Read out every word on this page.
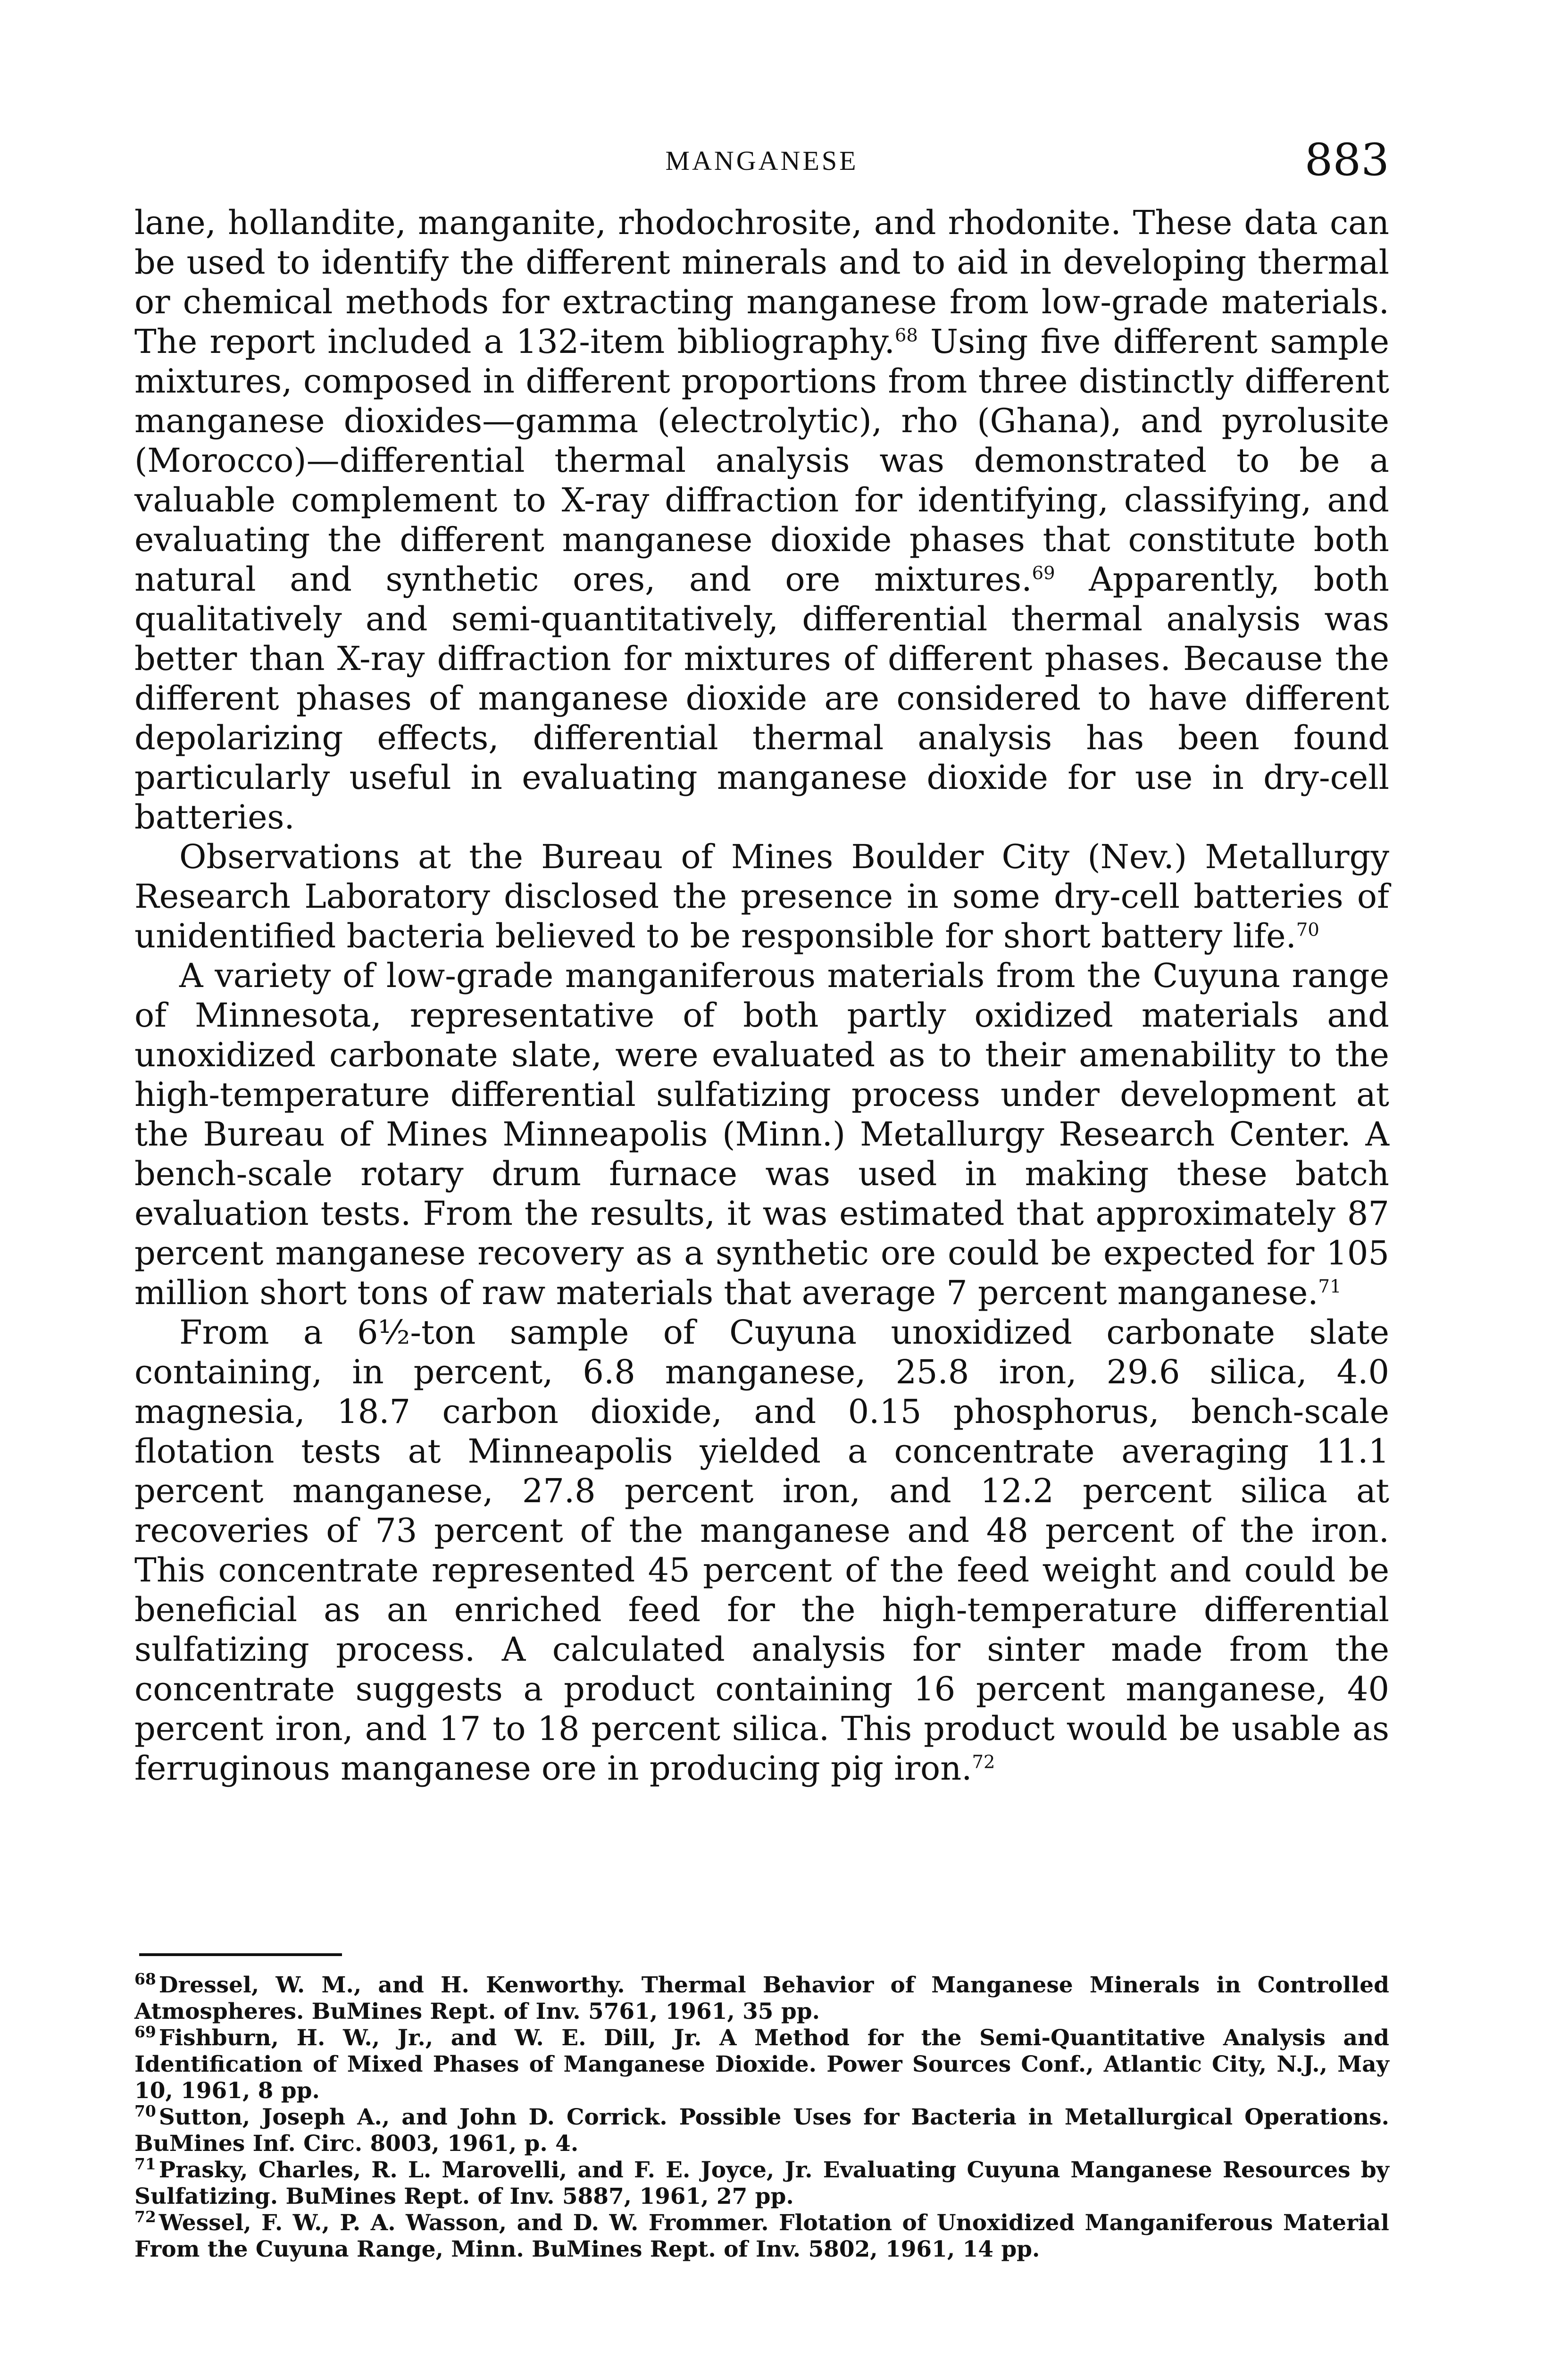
MANGANESE	883

lane, hollandite, manganite, rhodochrosite, and rhodonite. These data can be used to identify the different minerals and to aid in developing thermal or chemical methods for extracting manganese from low-grade materials. The report included a 132-item bibliography.$^{68}$ Using five different sample mixtures, composed in different proportions from three distinctly different manganese dioxides—gamma (electrolytic), rho (Ghana), and pyrolusite (Morocco)—differential thermal analysis was demonstrated to be a valuable complement to X-ray diffraction for identifying, classifying, and evaluating the different manganese dioxide phases that constitute both natural and synthetic ores, and ore mixtures.$^{69}$ Apparently, both qualitatively and semi-quantitatively, differential thermal analysis was better than X-ray diffraction for mixtures of different phases. Because the different phases of manganese dioxide are considered to have different depolarizing effects, differential thermal analysis has been found particularly useful in evaluating manganese dioxide for use in dry-cell batteries.

Observations at the Bureau of Mines Boulder City (Nev.) Metallurgy Research Laboratory disclosed the presence in some dry-cell batteries of unidentified bacteria believed to be responsible for short battery life.$^{70}$

A variety of low-grade manganiferous materials from the Cuyuna range of Minnesota, representative of both partly oxidized materials and unoxidized carbonate slate, were evaluated as to their amenability to the high-temperature differential sulfatizing process under development at the Bureau of Mines Minneapolis (Minn.) Metallurgy Research Center. A bench-scale rotary drum furnace was used in making these batch evaluation tests. From the results, it was estimated that approximately 87 percent manganese recovery as a synthetic ore could be expected for 105 million short tons of raw materials that average 7 percent manganese.$^{71}$

From a 6½-ton sample of Cuyuna unoxidized carbonate slate containing, in percent, 6.8 manganese, 25.8 iron, 29.6 silica, 4.0 magnesia, 18.7 carbon dioxide, and 0.15 phosphorus, bench-scale flotation tests at Minneapolis yielded a concentrate averaging 11.1 percent manganese, 27.8 percent iron, and 12.2 percent silica at recoveries of 73 percent of the manganese and 48 percent of the iron. This concentrate represented 45 percent of the feed weight and could be beneficial as an enriched feed for the high-temperature differential sulfatizing process. A calculated analysis for sinter made from the concentrate suggests a product containing 16 percent manganese, 40 percent iron, and 17 to 18 percent silica. This product would be usable as ferruginous manganese ore in producing pig iron.$^{72}$

$^{68}$ Dressel, W. M., and H. Kenworthy. Thermal Behavior of Manganese Minerals in Controlled Atmospheres. BuMines Rept. of Inv. 5761, 1961, 35 pp.

$^{69}$ Fishburn, H. W., Jr., and W. E. Dill, Jr. A Method for the Semi-Quantitative Analysis and Identification of Mixed Phases of Manganese Dioxide. Power Sources Conf., Atlantic City, N.J., May 10, 1961, 8 pp.

$^{70}$ Sutton, Joseph A., and John D. Corrick. Possible Uses for Bacteria in Metallurgical Operations. BuMines Inf. Circ. 8003, 1961, p. 4.

$^{71}$ Prasky, Charles, R. L. Marovelli, and F. E. Joyce, Jr. Evaluating Cuyuna Manganese Resources by Sulfatizing. BuMines Rept. of Inv. 5887, 1961, 27 pp.

$^{72}$ Wessel, F. W., P. A. Wasson, and D. W. Frommer. Flotation of Unoxidized Manganiferous Material From the Cuyuna Range, Minn. BuMines Rept. of Inv. 5802, 1961, 14 pp.
